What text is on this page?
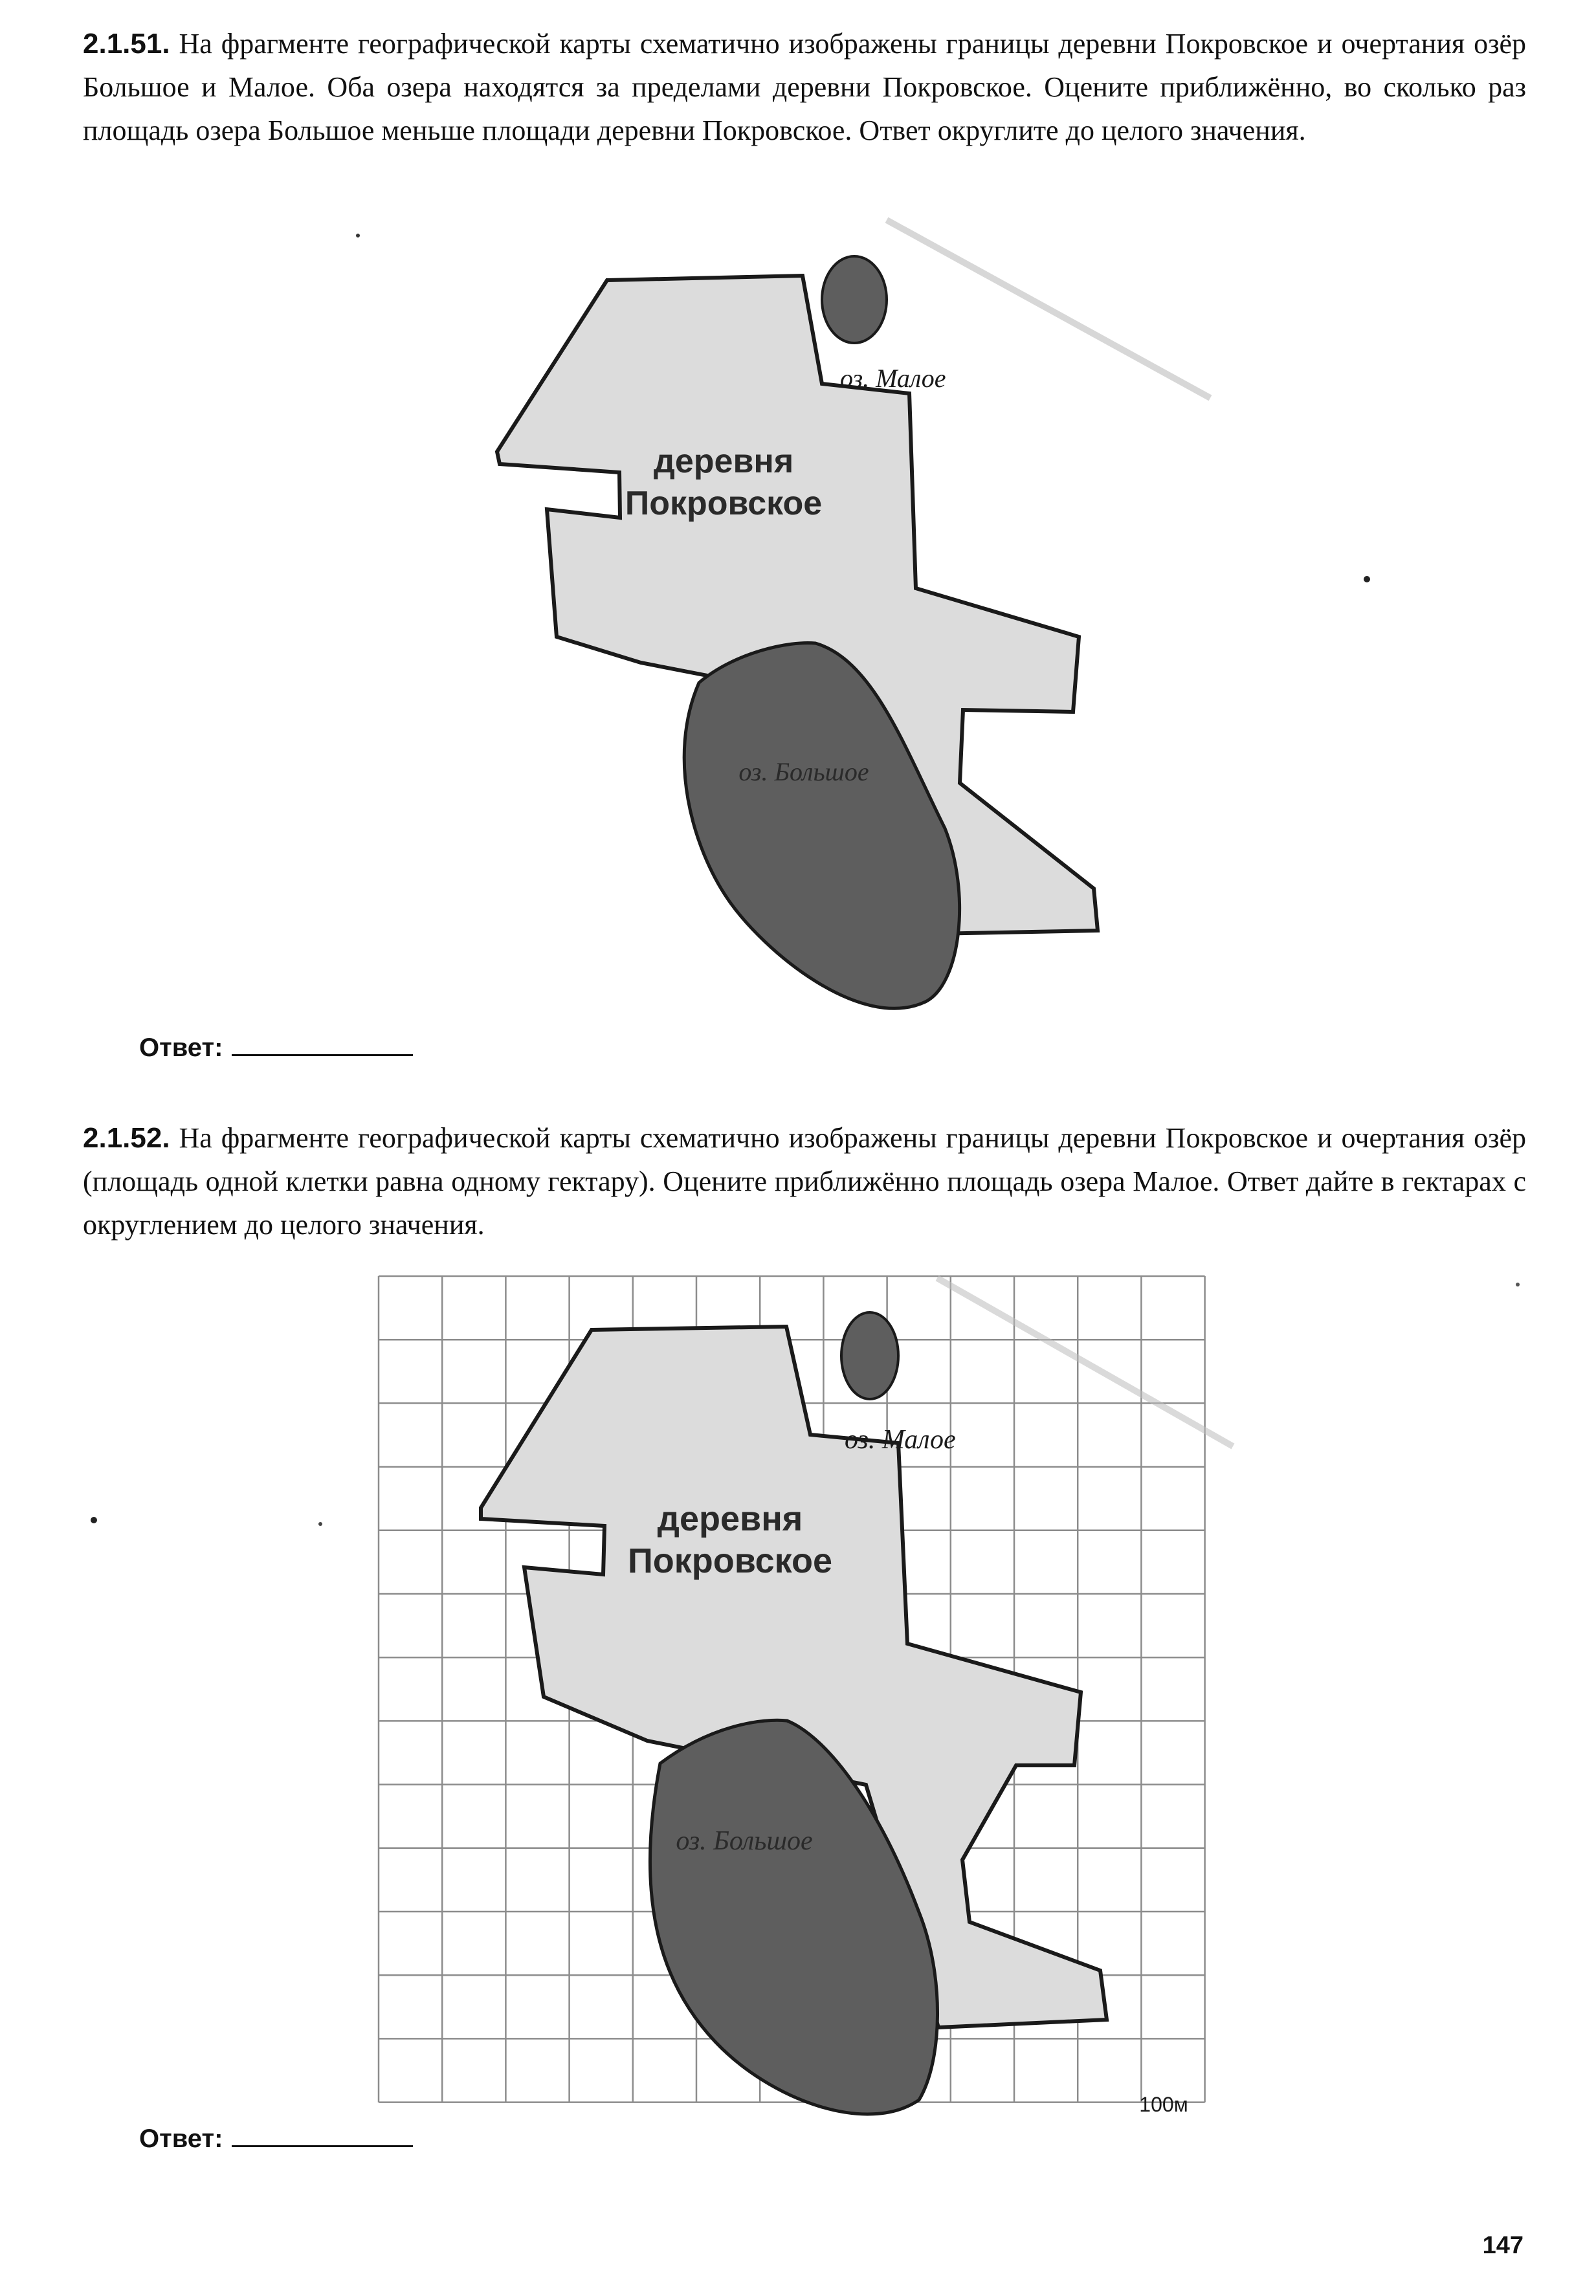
2.1.51. На фрагменте географической карты схематично изображены границы деревни Покровское и очертания озёр Большое и Малое. Оба озера находятся за пределами деревни Покровское. Оцените приближённо, во сколько раз площадь озера Большое меньше площади деревни Покровское. Ответ округлите до целого значения.

оз. Малое
деревня
Покровское
оз. Большое
Ответ:

2.1.52. На фрагменте географической карты схематично изображены границы деревни Покровское и очертания озёр (площадь одной клетки равна одному гектару). Оцените приближённо площадь озера Малое. Ответ дайте в гектарах с округлением до целого значения.

оз. Малое
деревня
Покровское
оз. Большое
100м
Ответ:
147
